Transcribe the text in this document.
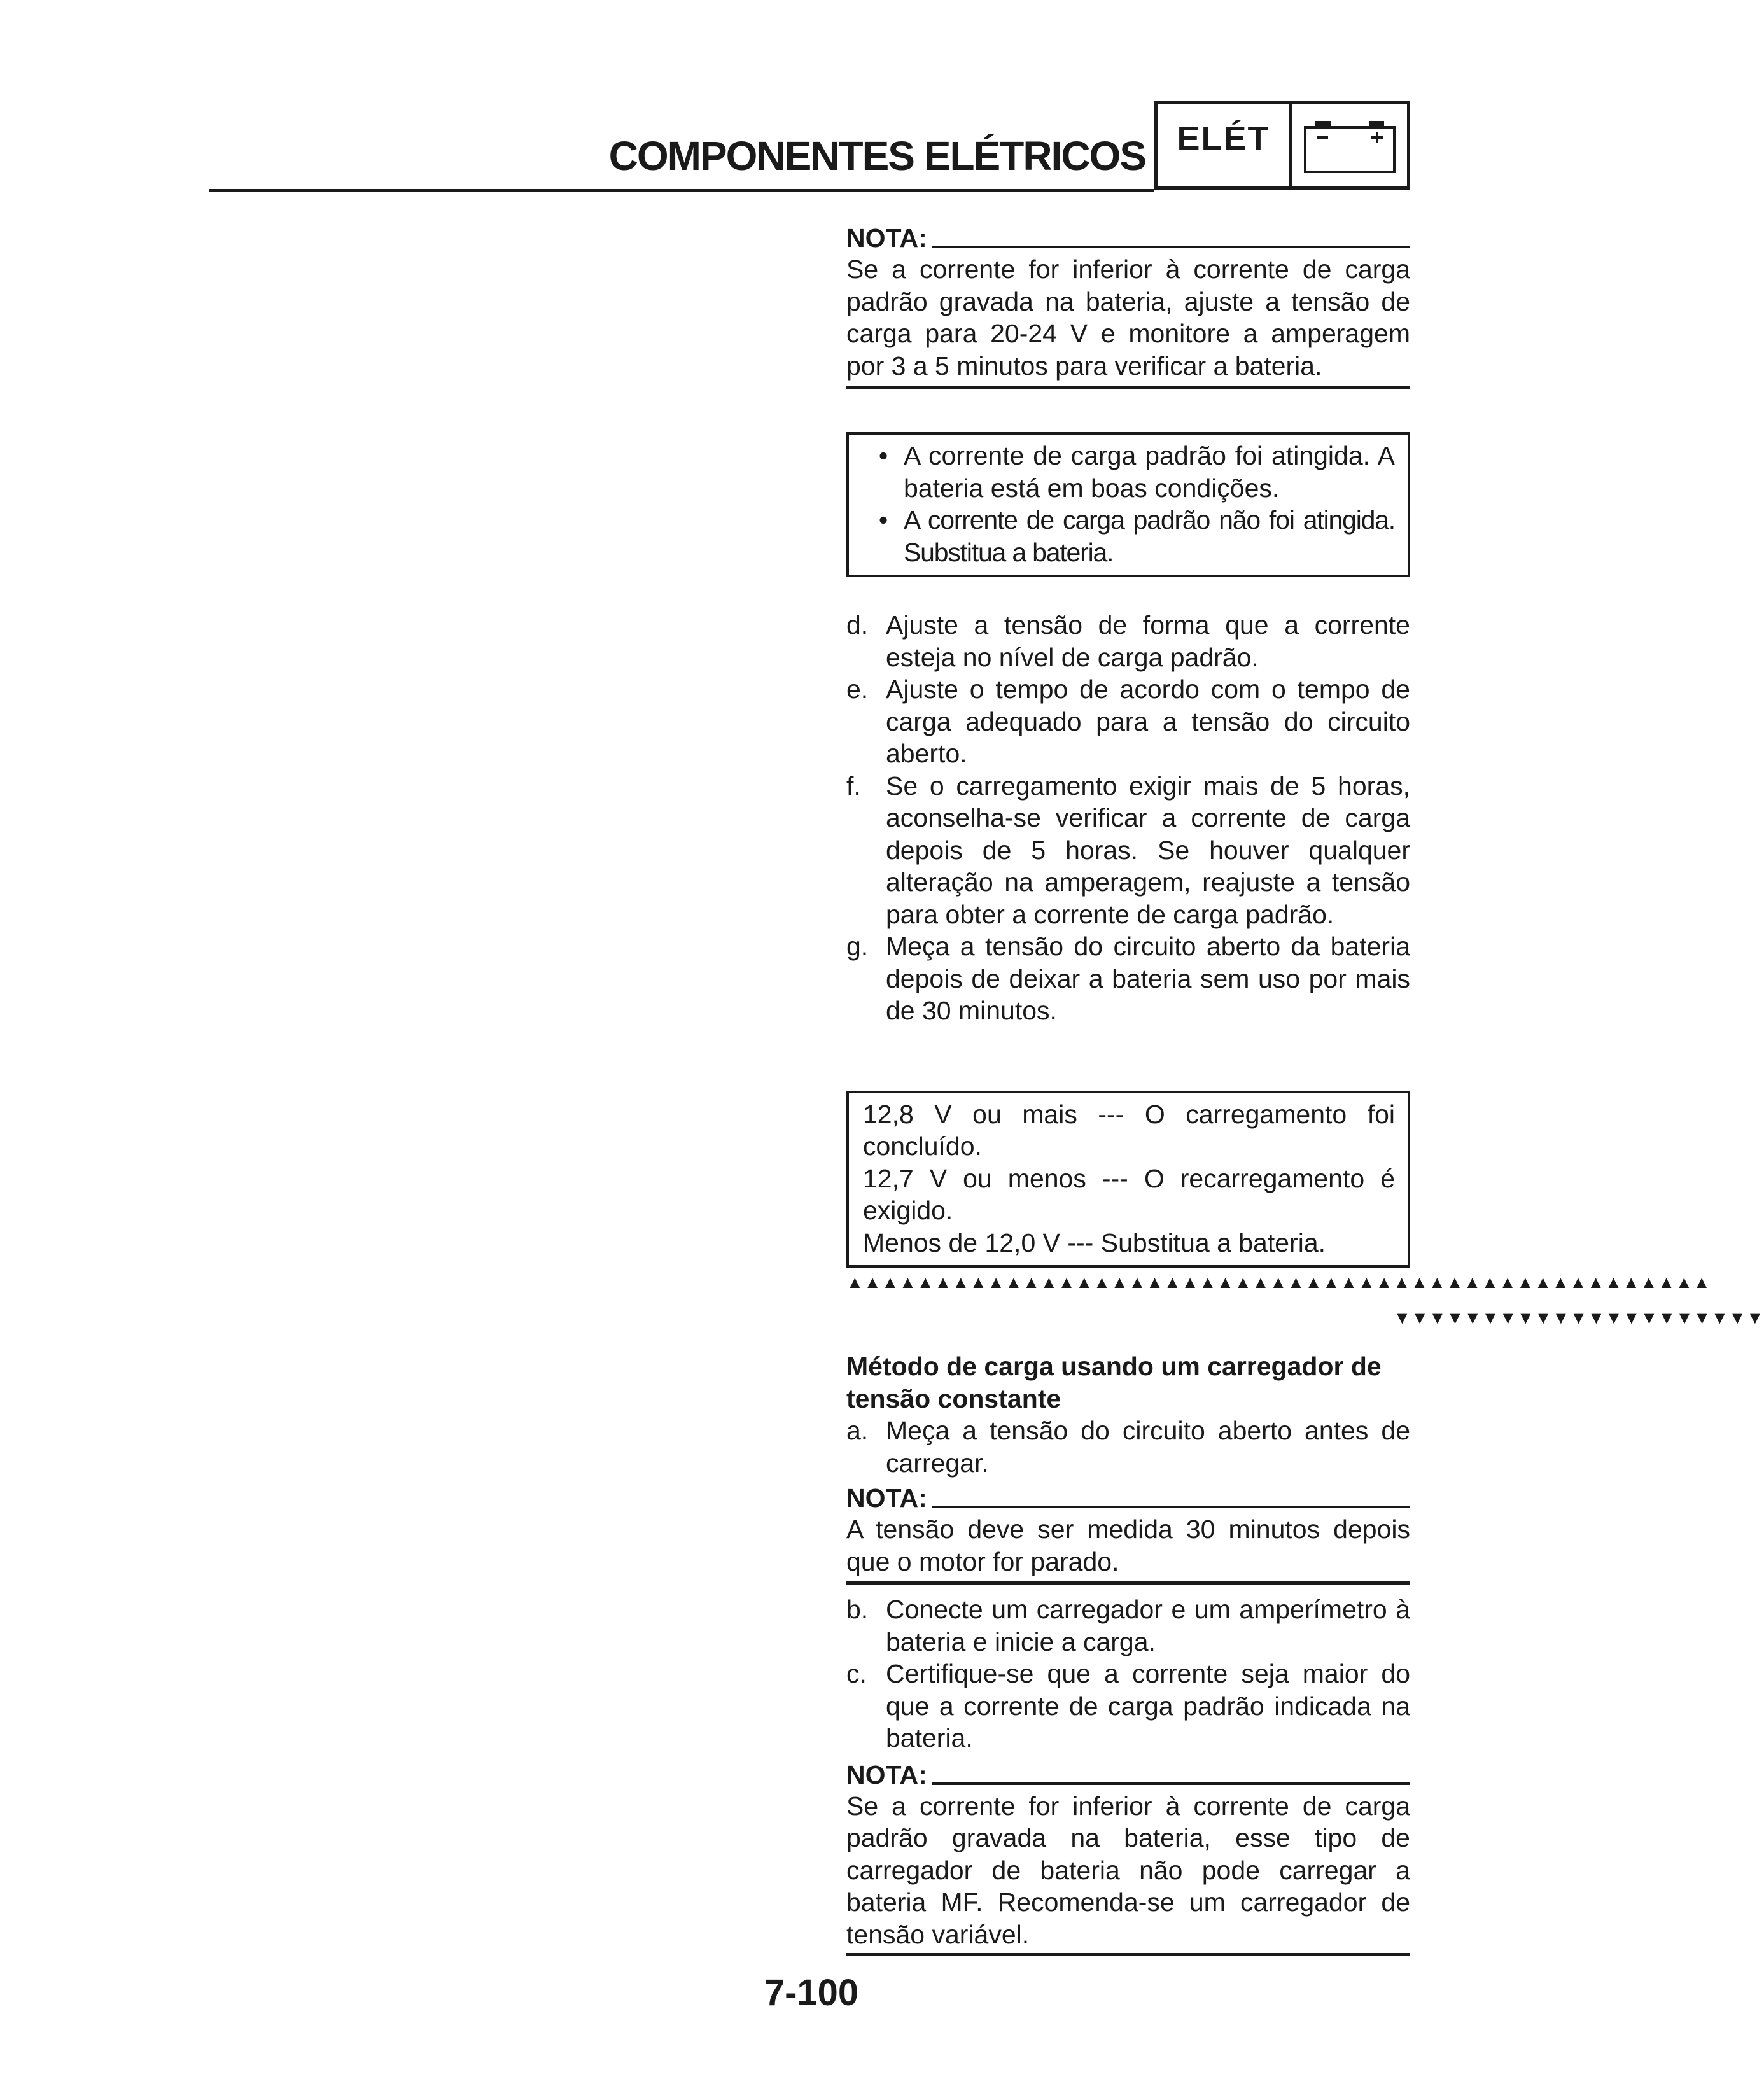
COMPONENTES ELÉTRICOS ELÉT
NOTA:

Se a corrente for inferior à corrente de carga padrão gravada na bateria, ajuste a tensão de carga para 20-24 V e monitore a amperagem por 3 a 5 minutos para verificar a bateria.

• A corrente de carga padrão foi atingida. A bateria está em boas condições.
• A corrente de carga padrão não foi atingida. Substitua a bateria.
d. Ajuste a tensão de forma que a corrente esteja no nível de carga padrão.
e. Ajuste o tempo de acordo com o tempo de carga adequado para a tensão do circuito aberto.
f. Se o carregamento exigir mais de 5 horas, aconselha-se verificar a corrente de carga depois de 5 horas. Se houver qualquer alteração na amperagem, reajuste a tensão para obter a corrente de carga padrão.
g. Meça a tensão do circuito aberto da bateria depois de deixar a bateria sem uso por mais de 30 minutos.

12,8 V ou mais --- O carregamento foi concluído.

12,7 V ou menos --- O recarregamento é exigido.

Menos de 12,0 V --- Substitua a bateria.

▲▲▲▲▲▲▲▲▲▲▲▲▲▲▲▲▲▲▲▲▲▲▲▲▲▲▲▲▲▲▲▲▲▲▲▲▲▲▲▲▲▲▲▲▲▲▲▲▲
▼▼▼▼▼▼▼▼▼▼▼▼▼▼▼▼▼▼▼▼▼

Método de carga usando um carregador de tensão constante

a. Meça a tensão do circuito aberto antes de carregar.
NOTA:

A tensão deve ser medida 30 minutos depois que o motor for parado.

b. Conecte um carregador e um amperímetro à bateria e inicie a carga.
c. Certifique-se que a corrente seja maior do que a corrente de carga padrão indicada na bateria.
NOTA:

Se a corrente for inferior à corrente de carga padrão gravada na bateria, esse tipo de carregador de bateria não pode carregar a bateria MF. Recomenda-se um carregador de tensão variável.

7-100
